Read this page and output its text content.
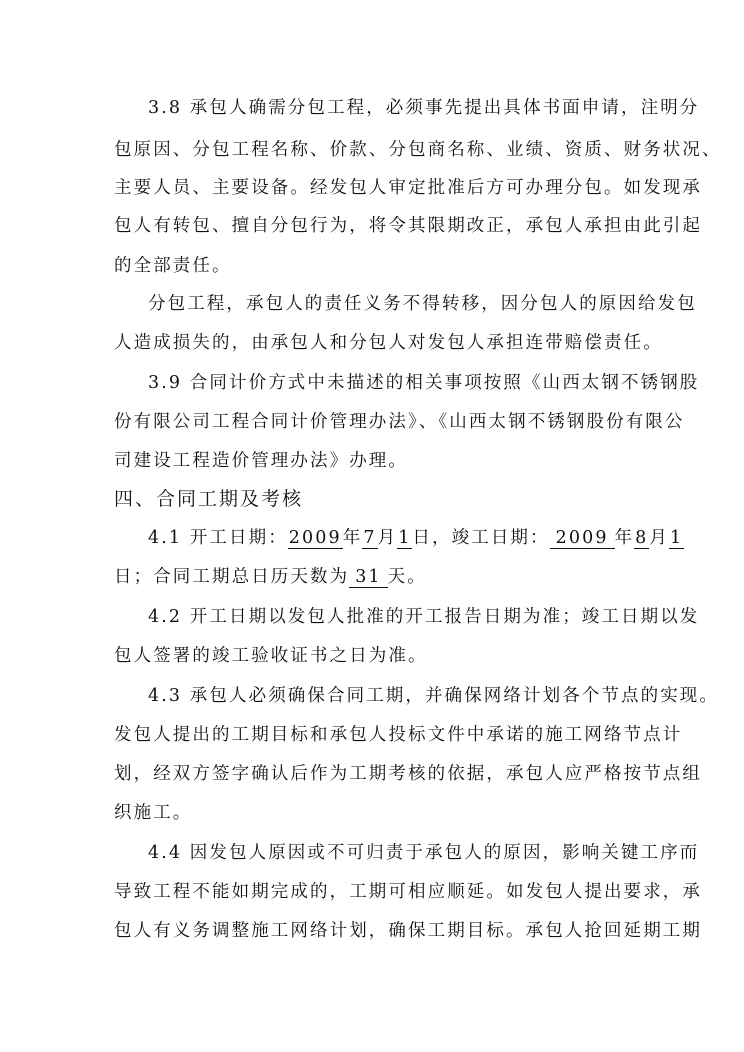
3.8 承包人确需分包工程，必须事先提出具体书面申请，注明分
包原因、分包工程名称、价款、分包商名称、业绩、资质、财务状况、
主要人员、主要设备。经发包人审定批准后方可办理分包。如发现承
包人有转包、擅自分包行为，将令其限期改正，承包人承担由此引起
的全部责任。
分包工程，承包人的责任义务不得转移，因分包人的原因给发包
人造成损失的，由承包人和分包人对发包人承担连带赔偿责任。
3.9 合同计价方式中未描述的相关事项按照《山西太钢不锈钢股
份有限公司工程合同计价管理办法》、《山西太钢不锈钢股份有限公
司建设工程造价管理办法》办理。
四、合同工期及考核
4.1 开工日期：2009年7月1日，竣工日期： 2009 年8月1
日；合同工期总日历天数为 31 天。
4.2 开工日期以发包人批准的开工报告日期为准；竣工日期以发
包人签署的竣工验收证书之日为准。
4.3 承包人必须确保合同工期，并确保网络计划各个节点的实现。
发包人提出的工期目标和承包人投标文件中承诺的施工网络节点计
划，经双方签字确认后作为工期考核的依据，承包人应严格按节点组
织施工。
4.4 因发包人原因或不可归责于承包人的原因，影响关键工序而
导致工程不能如期完成的，工期可相应顺延。如发包人提出要求，承
包人有义务调整施工网络计划，确保工期目标。承包人抢回延期工期
